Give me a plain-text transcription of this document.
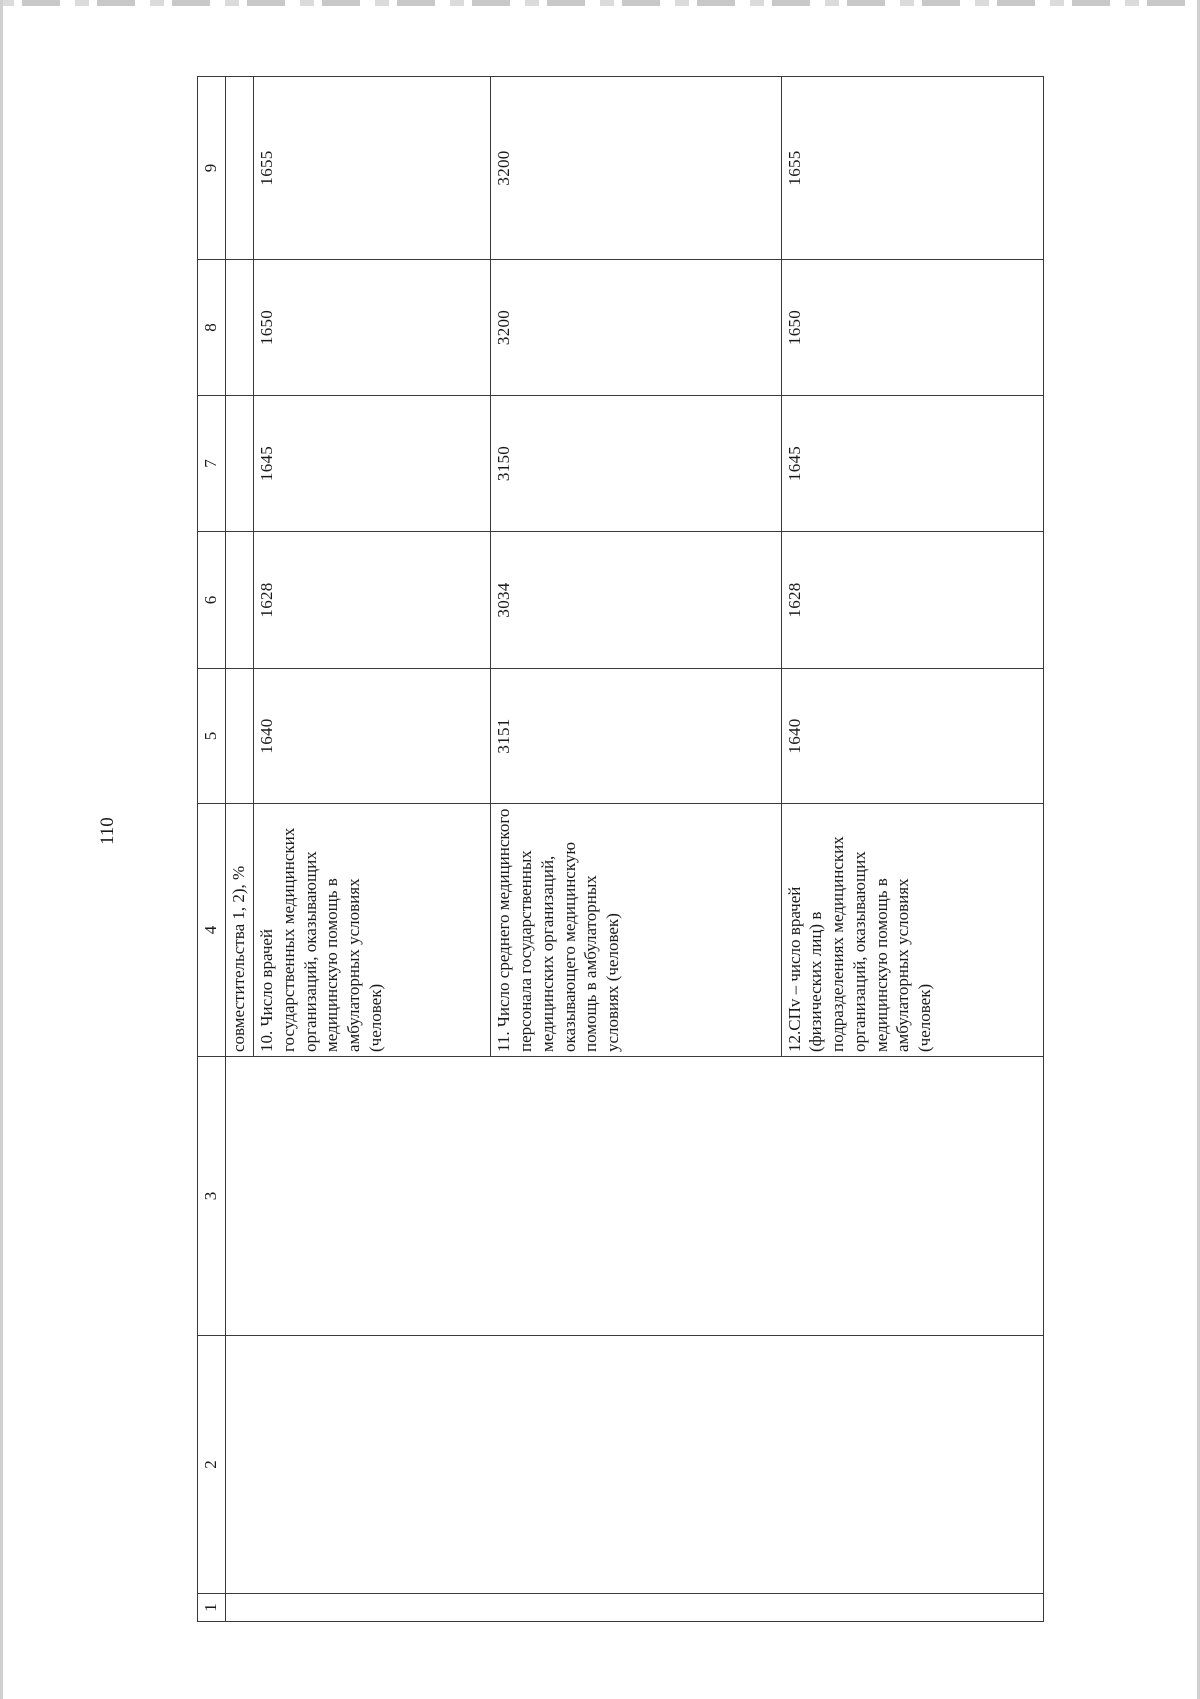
110
1	2	3	4	5	6	7	8	9
			совместительства 1, 2), %					
			10. Число врачей государственных медицинских организаций, оказывающих медицинскую помощь в амбулаторных условиях (человек)	1640	1628	1645	1650	1655
			11. Число среднего медицинского персонала государственных медицинских организаций, оказывающего медицинскую помощь в амбулаторных условиях (человек)	3151	3034	3150	3200	3200
			12.СПv – число врачей (физических лиц) в подразделениях медицинских организаций, оказывающих медицинскую помощь в амбулаторных условиях (человек)	1640	1628	1645	1650	1655
